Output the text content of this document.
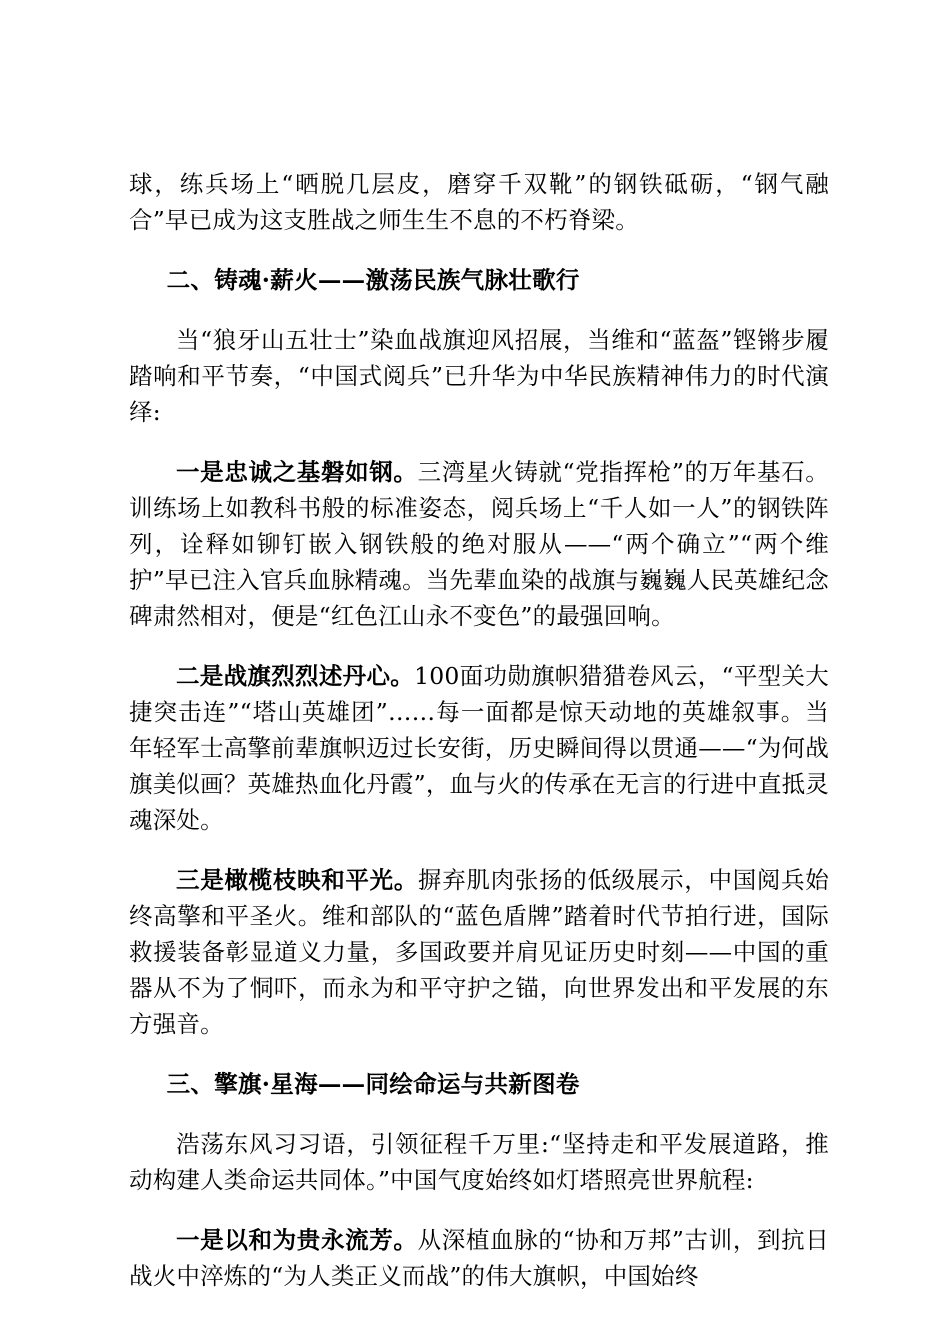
球，练兵场上“晒脱几层皮，磨穿千双靴”的钢铁砥砺，“钢气融合”早已成为这支胜战之师生生不息的不朽脊梁。

二、铸魂·薪火——激荡民族气脉壮歌行

当“狼牙山五壮士”染血战旗迎风招展，当维和“蓝盔”铿锵步履踏响和平节奏，“中国式阅兵”已升华为中华民族精神伟力的时代演绎:

一是忠诚之基磐如钢。三湾星火铸就“党指挥枪”的万年基石。训练场上如教科书般的标准姿态，阅兵场上“千人如一人”的钢铁阵列，诠释如铆钉嵌入钢铁般的绝对服从——“两个确立”“两个维护”早已注入官兵血脉精魂。当先辈血染的战旗与巍巍人民英雄纪念碑肃然相对，便是“红色江山永不变色”的最强回响。

二是战旗烈烈述丹心。100面功勋旗帜猎猎卷风云，“平型关大捷突击连”“塔山英雄团”……每一面都是惊天动地的英雄叙事。当年轻军士高擎前辈旗帜迈过长安街，历史瞬间得以贯通——“为何战旗美似画？英雄热血化丹霞”，血与火的传承在无言的行进中直抵灵魂深处。

三是橄榄枝映和平光。摒弃肌肉张扬的低级展示，中国阅兵始终高擎和平圣火。维和部队的“蓝色盾牌”踏着时代节拍行进，国际救援装备彰显道义力量，多国政要并肩见证历史时刻——中国的重器从不为了恫吓，而永为和平守护之锚，向世界发出和平发展的东方强音。

三、擎旗·星海——同绘命运与共新图卷

浩荡东风习习语，引领征程千万里:“坚持走和平发展道路，推动构建人类命运共同体。”中国气度始终如灯塔照亮世界航程:

一是以和为贵永流芳。从深植血脉的“协和万邦”古训，到抗日战火中淬炼的“为人类正义而战”的伟大旗帜，中国始终
